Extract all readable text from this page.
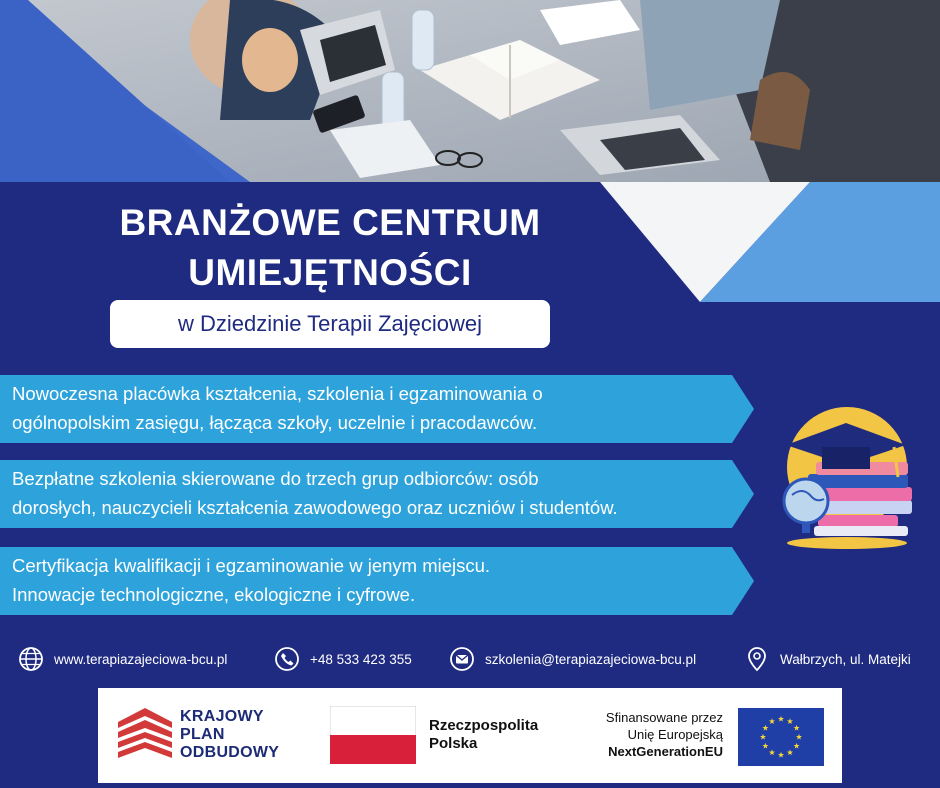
BRANŻOWE CENTRUM
UMIEJĘTNOŚCI
w Dziedzinie Terapii Zajęciowej
Nowoczesna placówka kształcenia, szkolenia i egzaminowania o
ogólnopolskim zasięgu, łącząca szkoły, uczelnie i pracodawców.
Bezpłatne szkolenia skierowane do trzech grup odbiorców: osób
dorosłych, nauczycieli kształcenia zawodowego oraz uczniów i studentów.
Certyfikacja kwalifikacji i egzaminowanie w jenym miejscu.
Innowacje technologiczne, ekologiczne i cyfrowe.
www.terapiazajeciowa-bcu.pl	+48 533 423 355	szkolenia@terapiazajeciowa-bcu.pl	Wałbrzych, ul. Matejki
KRAJOWY
PLAN
ODBUDOWY
Rzeczpospolita
Polska
Sfinansowane przez
Unię Europejską
NextGenerationEU
